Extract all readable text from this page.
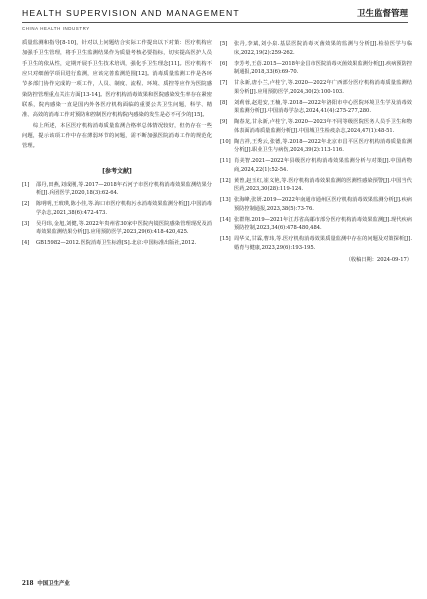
HEALTH SUPERVISION AND MANAGEMENT	卫生监督管理
CHINA HEALTH INDUSTRY

质量监测和指导[8-10]，针对以上问题结合实际工作提出以下对策：医疗机构应加强手卫生管理，将手卫生监测结果作为质量考核必要指标，切实提高医护人员手卫生的依从性，定期开展手卫生技术培训，强化手卫生理念[11]。医疗机构不应只对细菌学项目进行监测，应该完善监测范围[12]。消毒质量监测工作是各环节多部门协作完成的一项工作，人员、制度、流程、环境、质控等应作为医院感染防控管理重点关注方面[13-14]。医疗机构消毒效果和医院感染发生率存在紧密联系，院内感染一直是国内外各医疗机构面临的重要公共卫生问题，科学、精准、高效的消毒工作对预防和控制医疗机构院内感染的发生是必不可少的[15]。

综上所述，本区医疗机构消毒质量监测合格率总体情况较好，但仍存在一些问题，提示该项工作中存在薄弱环节的问题，需不断加强医院消毒工作的规范化管理。

[参考文献]
[1]	邵丹,田燕,刘成刚,等.2017—2018年石河子市医疗机构消毒效果监测结果分析[J].兵团医学,2020,18(3):62-64.
[2]	陈明明,王玻瑛,陈小佳,等.海口市医疗机构污水消毒效果监测分析[J].中国消毒学杂志,2021,38(6):472-473.
[3]	吴丹玮,金旭,刘健,等.2022年贵州省30家中医院内镜医院感染管理现况及消毒效果监测结果分析[J].应用预防医学,2023,29(6):418-420,425.
[4]	GB15982—2012.医院消毒卫生标准[S].北京:中国标准出版社,2012.
[5]	张丹,李斌,刘小泉.基层医院消毒灭菌效果的监测与分析[J].检验医学与临床,2022,19(2):259-262.
[6]	李芳考,王蓓.2015—2018年金昌市医院消毒灭菌效果监测分析[J].疾病预防控制通报,2018,33(6):69-70.
[7]	甘永新,唐小兰,卢桂宁,等.2020—2022年广西部分医疗机构消毒质量监测结果分析[J].应用预防医学,2024,30(2):100-103.
[8]	刘莉蓉,赵进安,王楠,等.2018—2022年洛阳市中心医院环境卫生学及消毒效果监测分析[J].中国消毒学杂志,2024,41(4):275-277,280.
[9]	陶春龙,甘永新,卢桂宁,等.2020—2023年不同等级医院医务人员手卫生和物体表面消毒质量监测分析[J].中国城卫生检疫杂志,2024,47(1):48-51.
[10] 陶吉祥,王秀云,张德,等.2018—2022年北京市昌平区医疗机构消毒质量监测分析[J].职业卫生与病伤,2024,39(2):113-116.
[11] 肖美智.2021—2022年县级医疗机构消毒效果监测分析与对策[J].中国药物商,2024,22(1):52-54.
[12] 黄曾,赵玉红,崔义艳,等.医疗机构消毒效果监测的医测性感染预警[J].中国当代医药,2023,30(28):119-124.
[13] 张海峰,张妍.2019—2022年南通市通州区医疗机构消毒效果监测分析[J].疾病预防控制通报,2023,38(5):73-76.
[14] 张群翔.2019—2021年江苏省高邮市部分医疗机构消毒效果监测[J].现代疾病预防控制,2023,34(6):478-480,484.
[15] 周华义,甘霖,曹玮,等.医疗机构消毒效果质量监测中存在的问题及对策探析[J].婚育与健康,2023,29(6):193-195.
（收稿日期：2024-09-17）
218 中国卫生产业
